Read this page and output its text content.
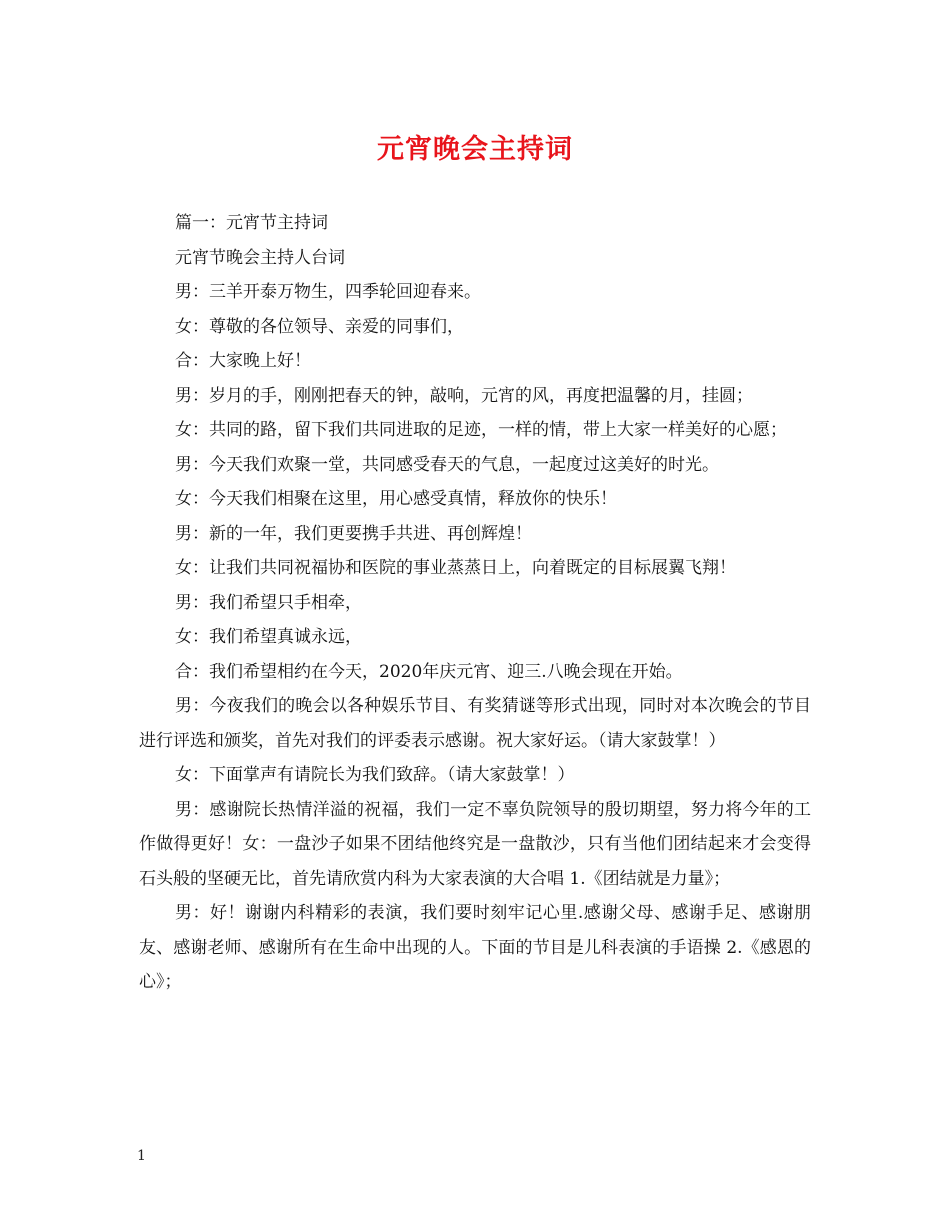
元宵晚会主持词

篇一：元宵节主持词

元宵节晚会主持人台词

男：三羊开泰万物生，四季轮回迎春来。

女：尊敬的各位领导、亲爱的同事们，

合：大家晚上好！

男：岁月的手，刚刚把春天的钟，敲响，元宵的风，再度把温馨的月，挂圆；

女：共同的路，留下我们共同进取的足迹，一样的情，带上大家一样美好的心愿；

男：今天我们欢聚一堂，共同感受春天的气息，一起度过这美好的时光。

女：今天我们相聚在这里，用心感受真情，释放你的快乐！

男：新的一年，我们更要携手共进、再创辉煌！

女：让我们共同祝福协和医院的事业蒸蒸日上，向着既定的目标展翼飞翔！

男：我们希望只手相牵，

女：我们希望真诚永远，

合：我们希望相约在今天，2020年庆元宵、迎三.八晚会现在开始。

男：今夜我们的晚会以各种娱乐节目、有奖猜谜等形式出现，同时对本次晚会的节目进行评选和颁奖，首先对我们的评委表示感谢。祝大家好运。（请大家鼓掌！）

女：下面掌声有请院长为我们致辞。（请大家鼓掌！）

男：感谢院长热情洋溢的祝福，我们一定不辜负院领导的殷切期望，努力将今年的工作做得更好！女：一盘沙子如果不团结他终究是一盘散沙，只有当他们团结起来才会变得石头般的坚硬无比，首先请欣赏内科为大家表演的大合唱 1.《团结就是力量》；

男：好！谢谢内科精彩的表演，我们要时刻牢记心里.感谢父母、感谢手足、感谢朋友、感谢老师、感谢所有在生命中出现的人。下面的节目是儿科表演的手语操 2.《感恩的心》；

1
